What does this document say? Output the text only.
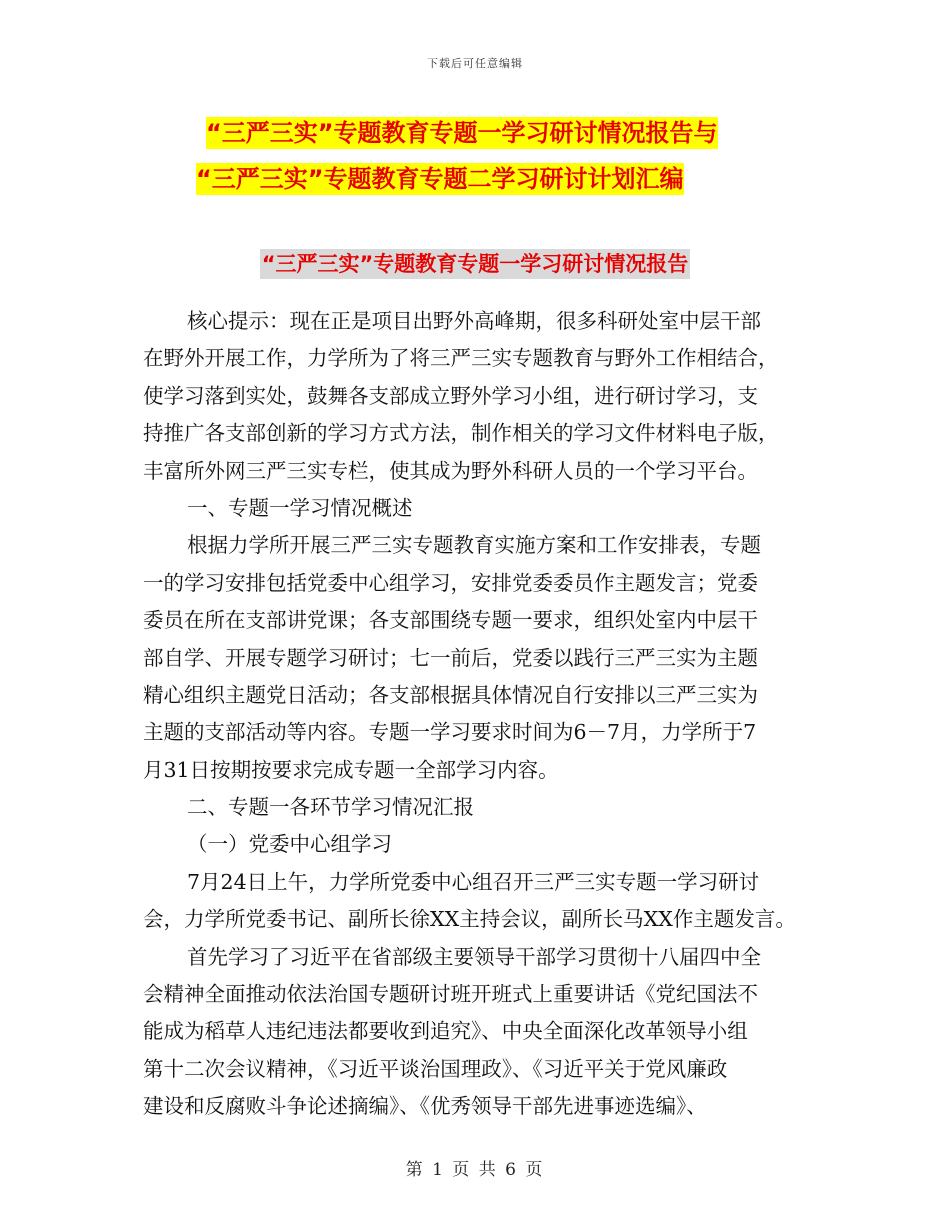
下载后可任意编辑
“三严三实”专题教育专题一学习研讨情况报告与
“三严三实”专题教育专题二学习研讨计划汇编
“三严三实”专题教育专题一学习研讨情况报告
核心提示：现在正是项目出野外高峰期，很多科研处室中层干部
在野外开展工作，力学所为了将三严三实专题教育与野外工作相结合，
使学习落到实处，鼓舞各支部成立野外学习小组，进行研讨学习，支
持推广各支部创新的学习方式方法，制作相关的学习文件材料电子版，
丰富所外网三严三实专栏，使其成为野外科研人员的一个学习平台。
一、专题一学习情况概述
根据力学所开展三严三实专题教育实施方案和工作安排表，专题
一的学习安排包括党委中心组学习，安排党委委员作主题发言；党委
委员在所在支部讲党课；各支部围绕专题一要求，组织处室内中层干
部自学、开展专题学习研讨；七一前后，党委以践行三严三实为主题
精心组织主题党日活动；各支部根据具体情况自行安排以三严三实为
主题的支部活动等内容。专题一学习要求时间为6－7月，力学所于7
月31日按期按要求完成专题一全部学习内容。
二、专题一各环节学习情况汇报
（一）党委中心组学习
7月24日上午，力学所党委中心组召开三严三实专题一学习研讨
会，力学所党委书记、副所长徐XX主持会议，副所长马XX作主题发言。
首先学习了习近平在省部级主要领导干部学习贯彻十八届四中全
会精神全面推动依法治国专题研讨班开班式上重要讲话《党纪国法不
能成为稻草人违纪违法都要收到追究》、中央全面深化改革领导小组
第十二次会议精神，《习近平谈治国理政》、《习近平关于党风廉政
建设和反腐败斗争论述摘编》、《优秀领导干部先进事迹选编》、
第 1 页 共 6 页
